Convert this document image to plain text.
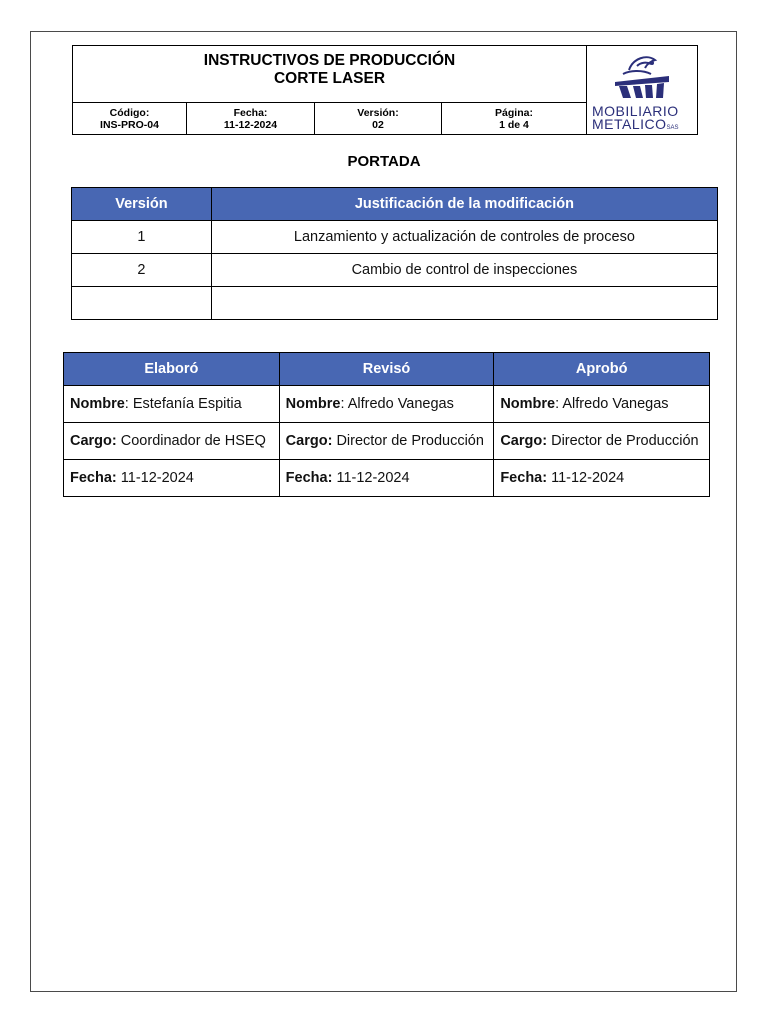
INSTRUCTIVOS DE PRODUCCIÓN
CORTE LASER
Código:
INS-PRO-04
Fecha:
11-12-2024
Versión:
02
Página:
1 de 4
MOBILIARIO
METALICOSAS
PORTADA
Versión	Justificación de la modificación
1	Lanzamiento y actualización de controles de proceso
2	Cambio de control de inspecciones

Elaboró	Revisó	Aprobó
Nombre: Estefanía Espitia	Nombre: Alfredo Vanegas	Nombre: Alfredo Vanegas
Cargo: Coordinador de HSEQ	Cargo: Director de Producción	Cargo: Director de Producción
Fecha: 11-12-2024	Fecha: 11-12-2024	Fecha: 11-12-2024
